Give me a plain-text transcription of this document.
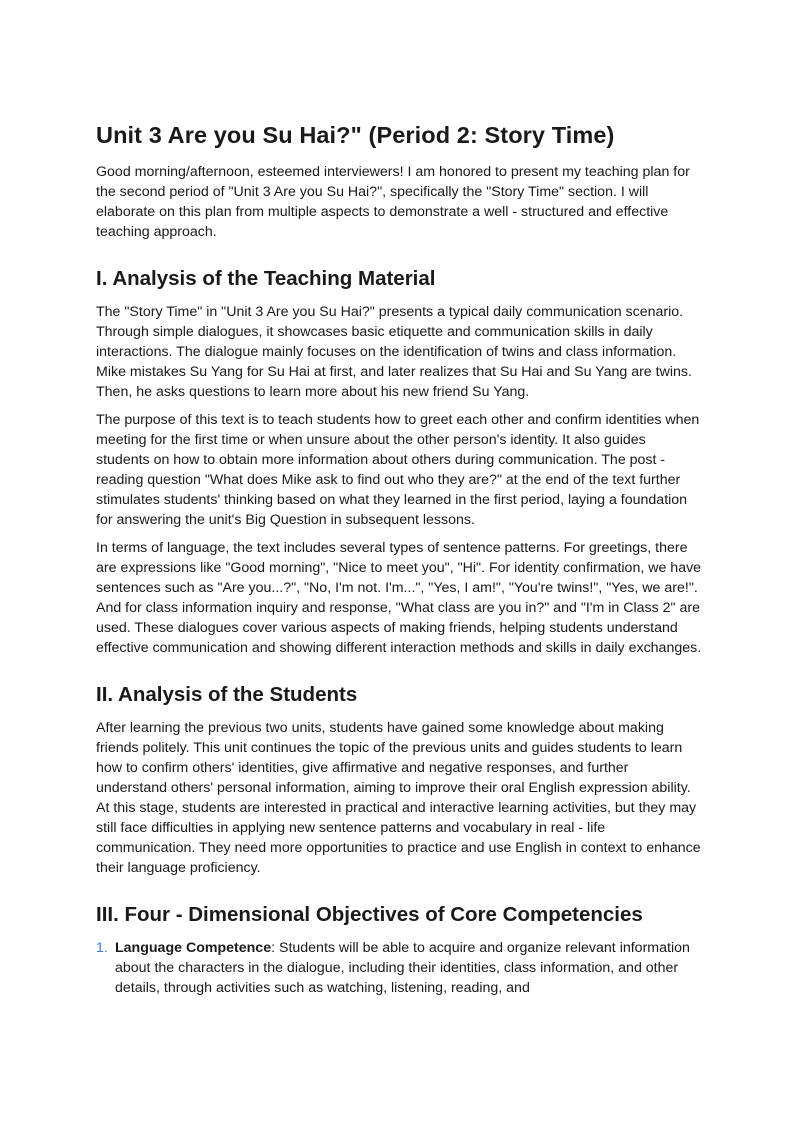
Unit 3 Are you Su Hai?" (Period 2: Story Time)

Good morning/afternoon, esteemed interviewers! I am honored to present my teaching plan for the second period of "Unit 3 Are you Su Hai?", specifically the "Story Time" section. I will elaborate on this plan from multiple aspects to demonstrate a well - structured and effective teaching approach.

I. Analysis of the Teaching Material

The "Story Time" in "Unit 3 Are you Su Hai?" presents a typical daily communication scenario. Through simple dialogues, it showcases basic etiquette and communication skills in daily interactions. The dialogue mainly focuses on the identification of twins and class information. Mike mistakes Su Yang for Su Hai at first, and later realizes that Su Hai and Su Yang are twins. Then, he asks questions to learn more about his new friend Su Yang.

The purpose of this text is to teach students how to greet each other and confirm identities when meeting for the first time or when unsure about the other person's identity. It also guides students on how to obtain more information about others during communication. The post - reading question "What does Mike ask to find out who they are?" at the end of the text further stimulates students' thinking based on what they learned in the first period, laying a foundation for answering the unit's Big Question in subsequent lessons.

In terms of language, the text includes several types of sentence patterns. For greetings, there are expressions like "Good morning", "Nice to meet you", "Hi". For identity confirmation, we have sentences such as "Are you...?", "No, I'm not. I'm...", "Yes, I am!", "You're twins!", "Yes, we are!". And for class information inquiry and response, "What class are you in?" and "I'm in Class 2" are used. These dialogues cover various aspects of making friends, helping students understand effective communication and showing different interaction methods and skills in daily exchanges.

II. Analysis of the Students

After learning the previous two units, students have gained some knowledge about making friends politely. This unit continues the topic of the previous units and guides students to learn how to confirm others' identities, give affirmative and negative responses, and further understand others' personal information, aiming to improve their oral English expression ability. At this stage, students are interested in practical and interactive learning activities, but they may still face difficulties in applying new sentence patterns and vocabulary in real - life communication. They need more opportunities to practice and use English in context to enhance their language proficiency.

III. Four - Dimensional Objectives of Core Competencies
1. Language Competence: Students will be able to acquire and organize relevant information about the characters in the dialogue, including their identities, class information, and other details, through activities such as watching, listening, reading, and
